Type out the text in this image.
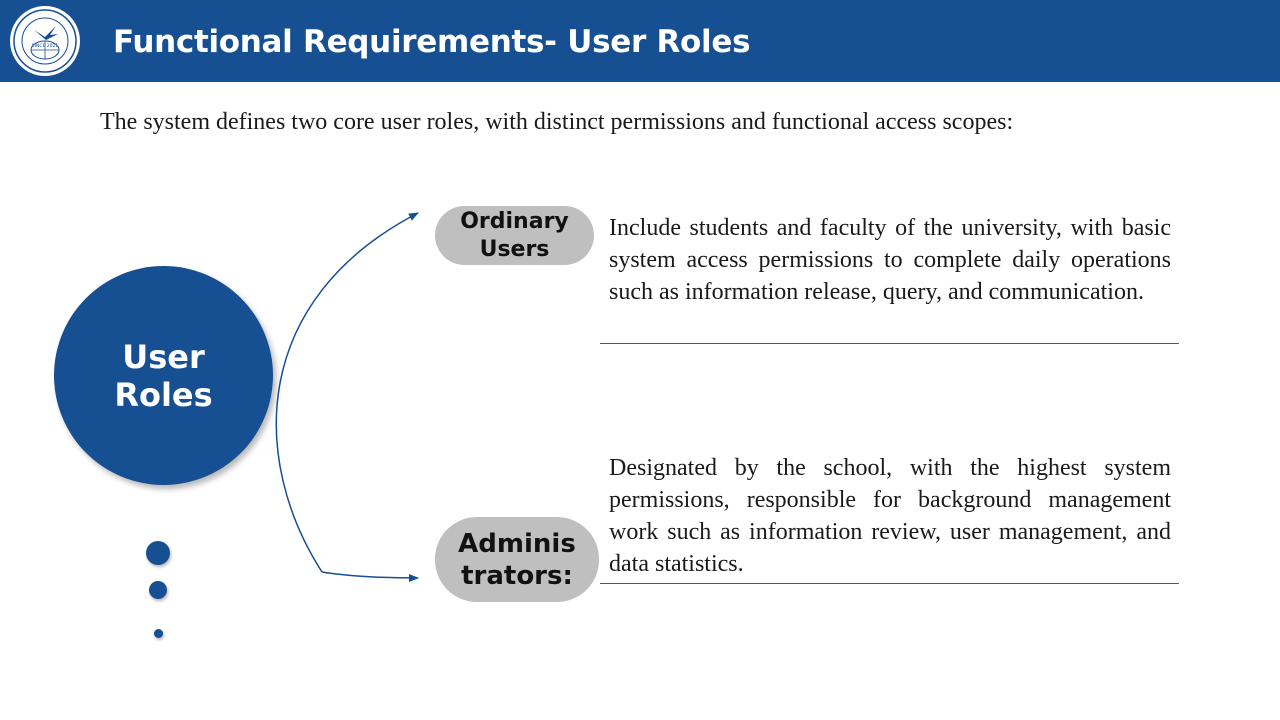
SINCE 2021 Functional Requirements- User Roles
The system defines two core user roles, with distinct permissions and functional access scopes:
User Roles
Ordinary Users
Include students and faculty of the university, with basic system access permissions to complete daily operations such as information release, query, and communication.
Adminis trators:
Designated by the school, with the highest system permissions, responsible for background management work such as information review, user management, and data statistics.
